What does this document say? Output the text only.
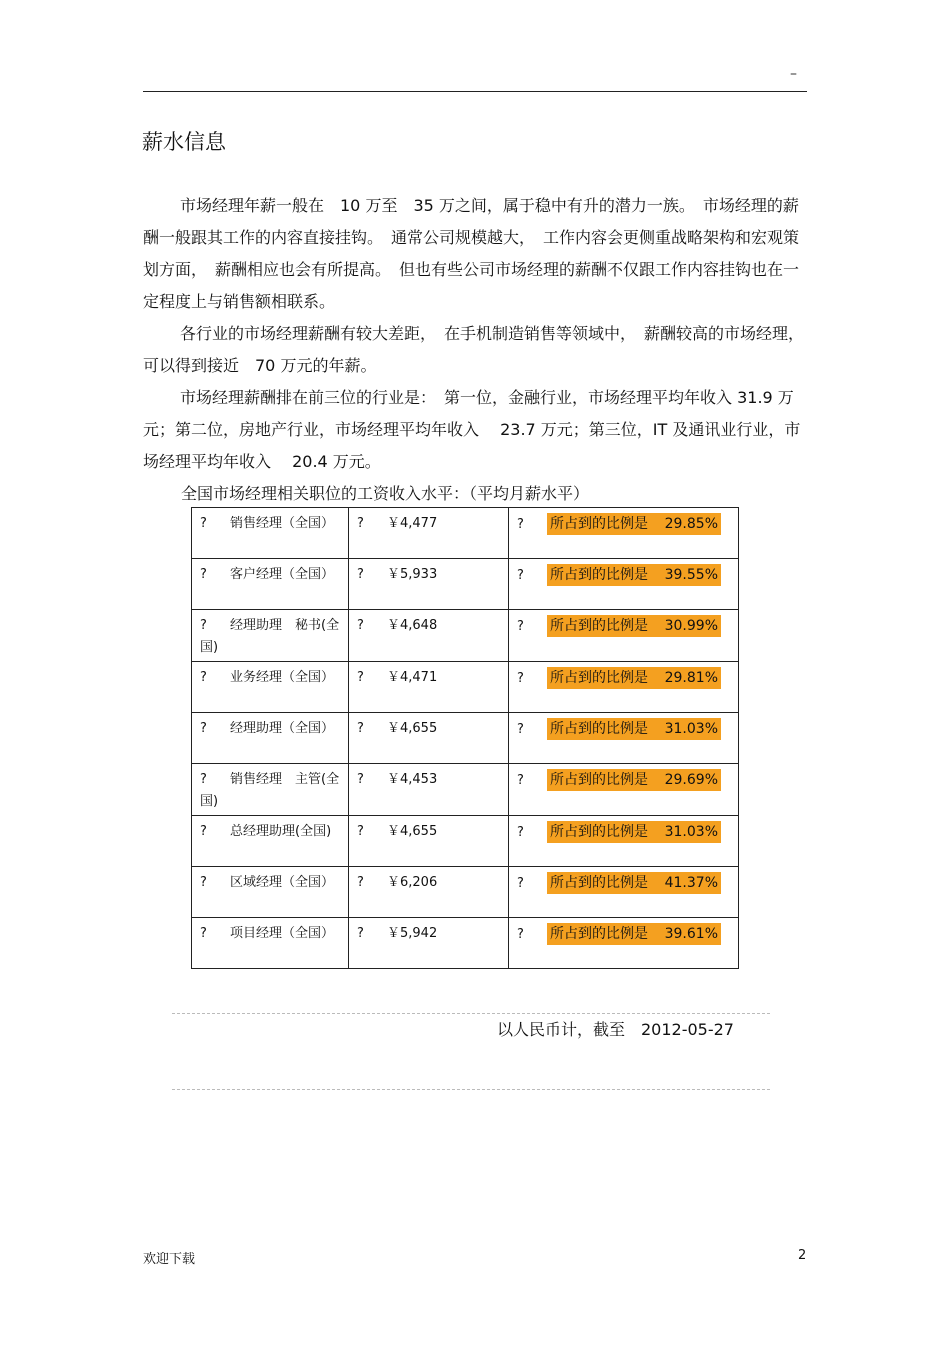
–
薪水信息

市场经理年薪一般在　10 万至　35 万之间，属于稳中有升的潜力一族。　市场经理的薪酬一般跟其工作的内容直接挂钩。　通常公司规模越大，　工作内容会更侧重战略架构和宏观策划方面，　薪酬相应也会有所提高。　但也有些公司市场经理的薪酬不仅跟工作内容挂钩也在一定程度上与销售额相联系。

各行业的市场经理薪酬有较大差距，　在手机制造销售等领域中，　薪酬较高的市场经理，可以得到接近　70 万元的年薪。

市场经理薪酬排在前三位的行业是：　第一位，金融行业，市场经理平均年收入 31.9 万元；第二位，房地产行业，市场经理平均年收入　 23.7 万元；第三位，IT 及通讯业行业，市场经理平均年收入　 20.4 万元。

全国市场经理相关职位的工资收入水平：（平均月薪水平）
? 销售经理（全国）	? ￥4,477	? 所占到的比例是 29.85%

? 客户经理（全国）	? ￥5,933	? 所占到的比例是 39.55%

? 经理助理　秘书(全国)	? ￥4,648	? 所占到的比例是 30.99%

? 业务经理（全国）	? ￥4,471	? 所占到的比例是 29.81%

? 经理助理（全国）	? ￥4,655	? 所占到的比例是 31.03%

? 销售经理　主管(全国)	? ￥4,453	? 所占到的比例是 29.69%

? 总经理助理(全国)	? ￥4,655	? 所占到的比例是 31.03%

? 区域经理（全国）	? ￥6,206	? 所占到的比例是 41.37%

? 项目经理（全国）	? ￥5,942	? 所占到的比例是 39.61%
以人民币计，截至　2012-05-27
欢迎下载	2
